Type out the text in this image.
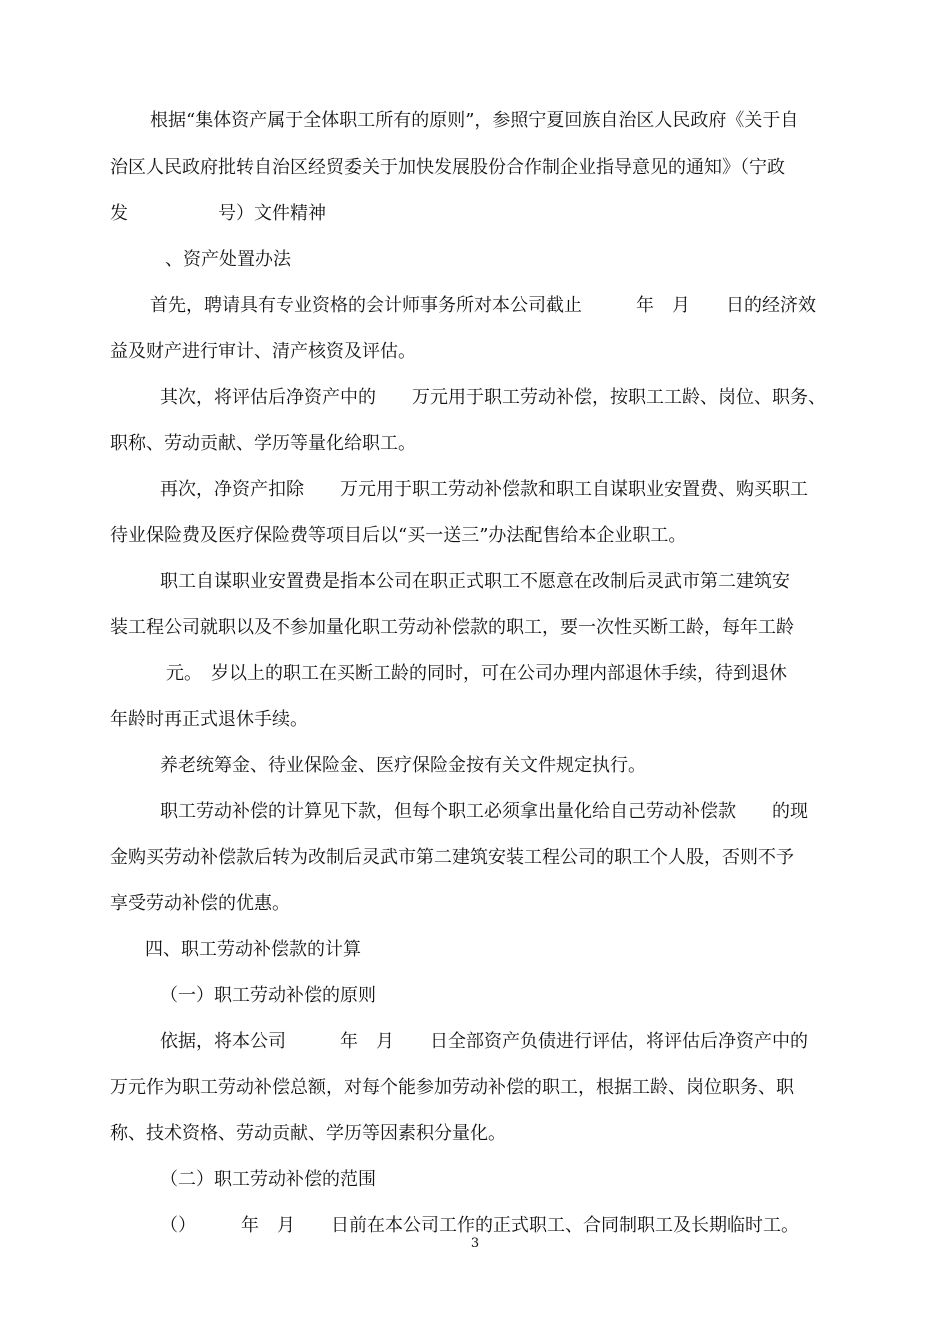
根据“集体资产属于全体职工所有的原则”，参照宁夏回族自治区人民政府《关于自
治区人民政府批转自治区经贸委关于加快发展股份合作制企业指导意见的通知》（宁政
发　　　　　号）文件精神
、资产处置办法
首先，聘请具有专业资格的会计师事务所对本公司截止　　　年　月　　日的经济效
益及财产进行审计、清产核资及评估。
其次，将评估后净资产中的　　万元用于职工劳动补偿，按职工工龄、岗位、职务、
职称、劳动贡献、学历等量化给职工。
再次，净资产扣除　　万元用于职工劳动补偿款和职工自谋职业安置费、购买职工
待业保险费及医疗保险费等项目后以“买一送三”办法配售给本企业职工。
职工自谋职业安置费是指本公司在职正式职工不愿意在改制后灵武市第二建筑安
装工程公司就职以及不参加量化职工劳动补偿款的职工，要一次性买断工龄，每年工龄
元。　岁以上的职工在买断工龄的同时，可在公司办理内部退休手续，待到退休
年龄时再正式退休手续。
养老统筹金、待业保险金、医疗保险金按有关文件规定执行。
职工劳动补偿的计算见下款，但每个职工必须拿出量化给自己劳动补偿款　　的现
金购买劳动补偿款后转为改制后灵武市第二建筑安装工程公司的职工个人股，否则不予
享受劳动补偿的优惠。
四、职工劳动补偿款的计算
（一）职工劳动补偿的原则
依据，将本公司　　　年　月　　日全部资产负债进行评估，将评估后净资产中的
万元作为职工劳动补偿总额，对每个能参加劳动补偿的职工，根据工龄、岗位职务、职
称、技术资格、劳动贡献、学历等因素积分量化。
（二）职工劳动补偿的范围
（）　　　年　月　　日前在本公司工作的正式职工、合同制职工及长期临时工。
3
